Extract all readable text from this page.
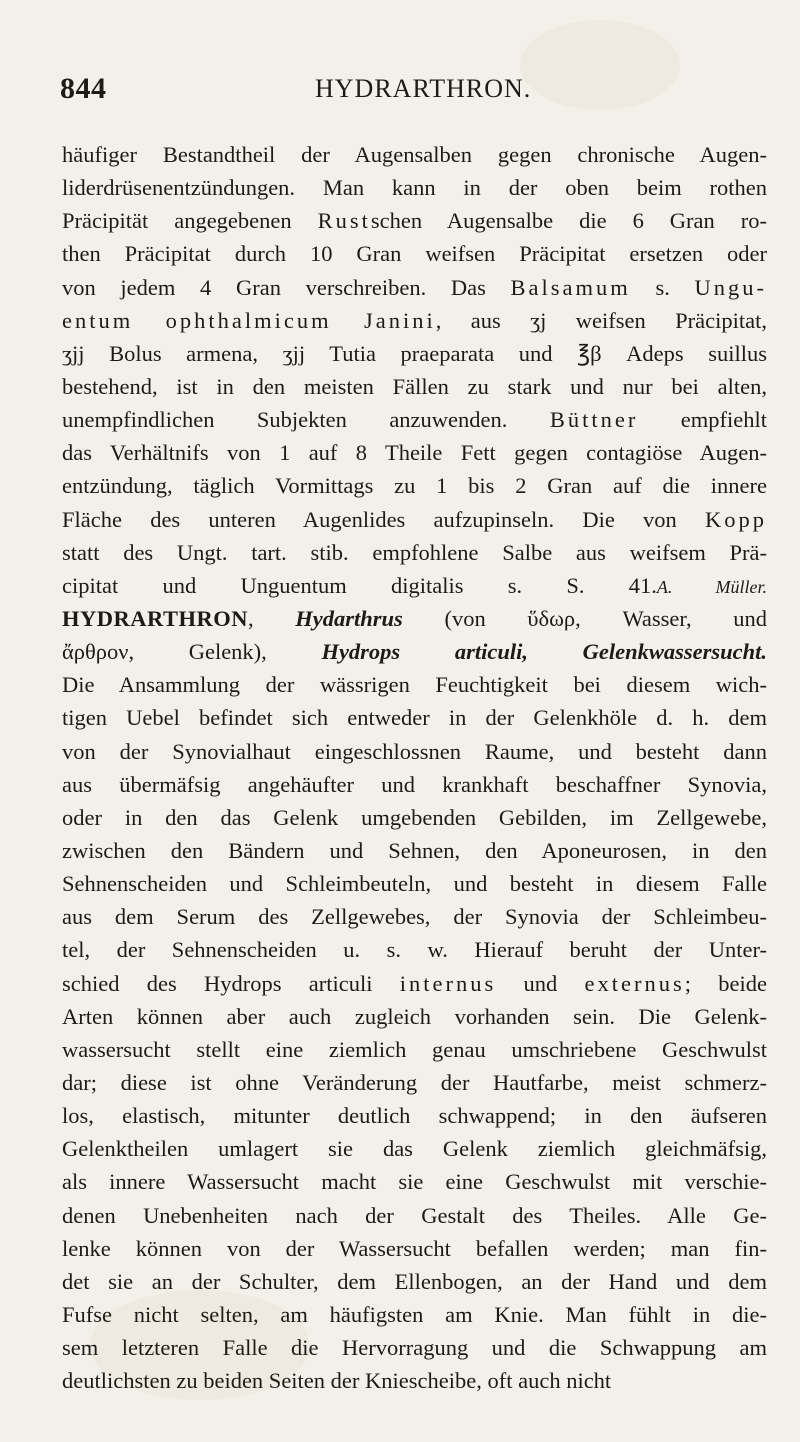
844	HYDRARTHRON.
häufiger Bestandtheil der Augensalben gegen chronische Augen-
liderdrüsenentzündungen. Man kann in der oben beim rothen
Präcipität angegebenen Rustschen Augensalbe die 6 Gran ro-
then Präcipitat durch 10 Gran weifsen Präcipitat ersetzen oder
von jedem 4 Gran verschreiben. Das Balsamum s. Ungu-
entum ophthalmicum Janini, aus ʒj weifsen Präcipitat,
ʒjj Bolus armena, ʒjj Tutia praeparata und ℥β Adeps suillus
bestehend, ist in den meisten Fällen zu stark und nur bei alten,
unempfindlichen Subjekten anzuwenden. Büttner empfiehlt
das Verhältnifs von 1 auf 8 Theile Fett gegen contagiöse Augen-
entzündung, täglich Vormittags zu 1 bis 2 Gran auf die innere
Fläche des unteren Augenlides aufzupinseln. Die von Kopp
statt des Ungt. tart. stib. empfohlene Salbe aus weifsem Prä-
cipitat und Unguentum digitalis s. S. 41.A. Müller.
HYDRARTHRON, Hydarthrus (von ὕδωρ, Wasser, und
ἄρθρον, Gelenk), Hydrops articuli, Gelenkwassersucht.
Die Ansammlung der wässrigen Feuchtigkeit bei diesem wich-
tigen Uebel befindet sich entweder in der Gelenkhöle d. h. dem
von der Synovialhaut eingeschlossnen Raume, und besteht dann
aus übermäfsig angehäufter und krankhaft beschaffner Synovia,
oder in den das Gelenk umgebenden Gebilden, im Zellgewebe,
zwischen den Bändern und Sehnen, den Aponeurosen, in den
Sehnenscheiden und Schleimbeuteln, und besteht in diesem Falle
aus dem Serum des Zellgewebes, der Synovia der Schleimbeu-
tel, der Sehnenscheiden u. s. w. Hierauf beruht der Unter-
schied des Hydrops articuli internus und externus; beide
Arten können aber auch zugleich vorhanden sein. Die Gelenk-
wassersucht stellt eine ziemlich genau umschriebene Geschwulst
dar; diese ist ohne Veränderung der Hautfarbe, meist schmerz-
los, elastisch, mitunter deutlich schwappend; in den äufseren
Gelenktheilen umlagert sie das Gelenk ziemlich gleichmäfsig,
als innere Wassersucht macht sie eine Geschwulst mit verschie-
denen Unebenheiten nach der Gestalt des Theiles. Alle Ge-
lenke können von der Wassersucht befallen werden; man fin-
det sie an der Schulter, dem Ellenbogen, an der Hand und dem
Fufse nicht selten, am häufigsten am Knie. Man fühlt in die-
sem letzteren Falle die Hervorragung und die Schwappung am
deutlichsten zu beiden Seiten der Kniescheibe, oft auch nicht
